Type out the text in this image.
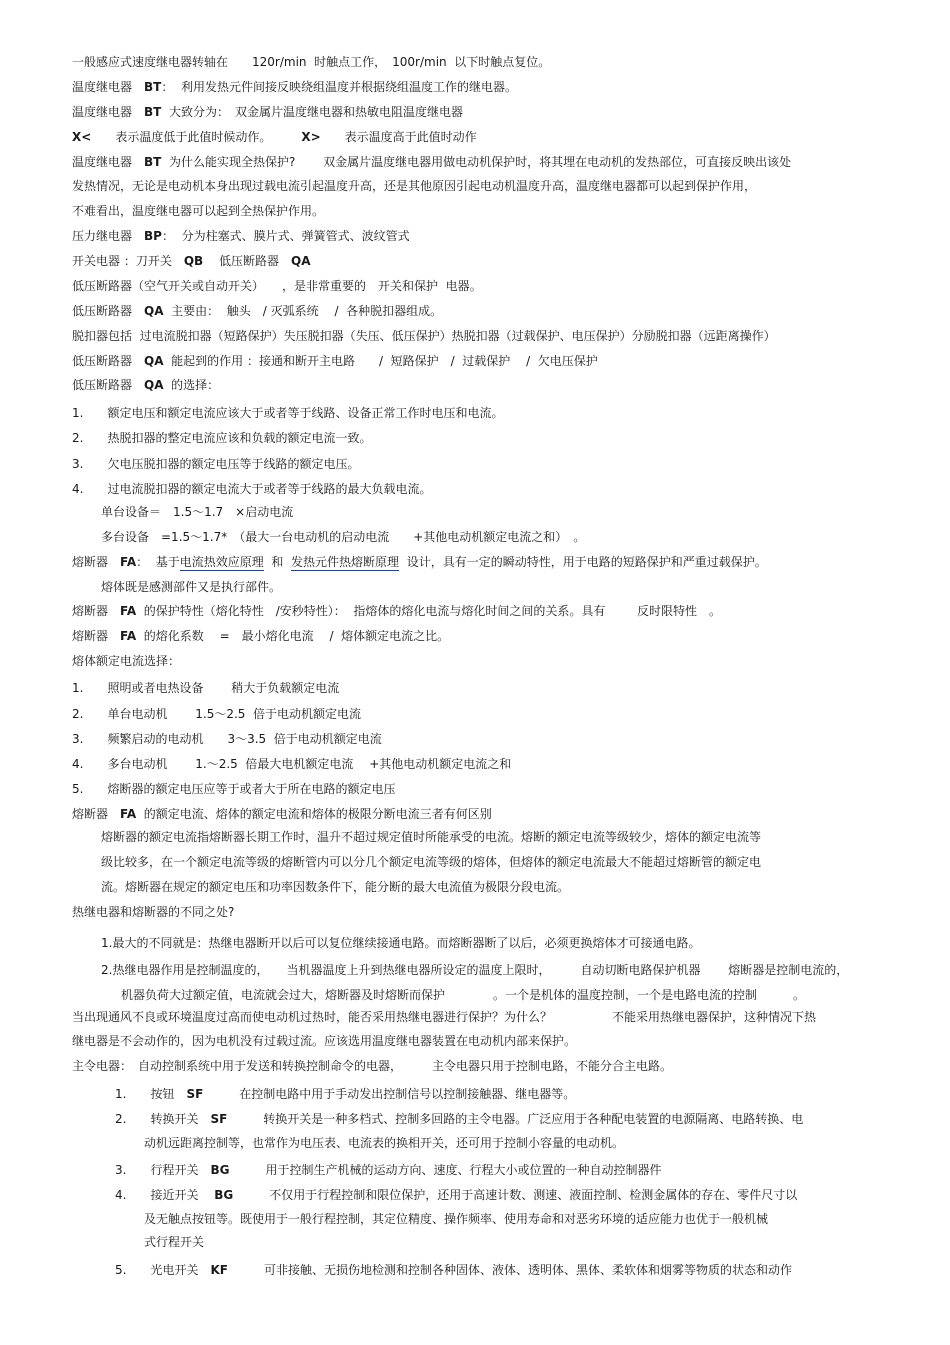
一般感应式速度继电器转轴在　　120r/min  时触点工作，　100r/min  以下时触点复位。
温度继电器　BT：  利用发热元件间接反映绕组温度并根据绕组温度工作的继电器。
温度继电器　BT  大致分为：　双金属片温度继电器和热敏电阻温度继电器
X<　　表示温度低于此值时候动作。　　　X>　　表示温度高于此值时动作
温度继电器　BT  为什么能实现全热保护?　　 双金属片温度继电器用做电动机保护时，将其埋在电动机的发热部位，可直接反映出该处
发热情况，无论是电动机本身出现过载电流引起温度升高，还是其他原因引起电动机温度升高，温度继电器都可以起到保护作用，
不难看出，温度继电器可以起到全热保护作用。
压力继电器　BP：  分为柱塞式、膜片式、弹簧管式、波纹管式
开关电器 ：刀开关　QB　 低压断路器　QA
低压断路器（空气开关或自动开关）　　，是非常重要的　开关和保护  电器。
低压断路器　QA  主要由：  触头　/ 灭弧系统　 /  各种脱扣器组成。
脱扣器包括  过电流脱扣器（短路保护）失压脱扣器（失压、低压保护）热脱扣器（过载保护、电压保护）分励脱扣器（远距离操作）
低压断路器　QA  能起到的作用 ：接通和断开主电路　　/  短路保护　/  过载保护　 /  欠电压保护
低压断路器　QA  的选择：
1.　　额定电压和额定电流应该大于或者等于线路、设备正常工作时电压和电流。
2.　　热脱扣器的整定电流应该和负载的额定电流一致。
3.　　欠电压脱扣器的额定电压等于线路的额定电压。
4.　　过电流脱扣器的额定电流大于或者等于线路的最大负载电流。
单台设备＝　1.5～1.7　×启动电流
多台设备　=1.5～1.7*　（最大一台电动机的启动电流　　+其他电动机额定电流之和）　。
熔断器　FA：  基于电流热效应原理  和  发热元件热熔断原理  设计，具有一定的瞬动特性，用于电路的短路保护和严重过载保护。
熔体既是感测部件又是执行部件。
熔断器　FA  的保护特性（熔化特性　/安秒特性）：  指熔体的熔化电流与熔化时间之间的关系。具有　　  反时限特性　。
熔断器　FA  的熔化系数　 =　最小熔化电流　 /  熔体额定电流之比。
熔体额定电流选择：
1.　　照明或者电热设备　　 稍大于负载额定电流
2.　　单台电动机　　 1.5～2.5  倍于电动机额定电流
3.　　频繁启动的电动机　　3～3.5  倍于电动机额定电流
4.　　多台电动机　　 1.～2.5  倍最大电机额定电流　 +其他电动机额定电流之和
5.　　熔断器的额定电压应等于或者大于所在电路的额定电压
熔断器　FA  的额定电流、熔体的额定电流和熔体的极限分断电流三者有何区别
熔断器的额定电流指熔断器长期工作时，温升不超过规定值时所能承受的电流。熔断的额定电流等级较少，熔体的额定电流等
级比较多，在一个额定电流等级的熔断管内可以分几个额定电流等级的熔体，但熔体的额定电流最大不能超过熔断管的额定电
流。熔断器在规定的额定电压和功率因数条件下，能分断的最大电流值为极限分段电流。
热继电器和熔断器的不同之处?
1.最大的不同就是：热继电器断开以后可以复位继续接通电路。而熔断器断了以后，必须更换熔体才可接通电路。
2.热继电器作用是控制温度的，　　当机器温度上升到热继电器所设定的温度上限时，　　　自动切断电路保护机器　　 熔断器是控制电流的，
机器负荷大过额定值，电流就会过大，熔断器及时熔断而保护　　　　。一个是机体的温度控制，一个是电路电流的控制　　　。
当出现通风不良或环境温度过高而使电动机过热时，能否采用热继电器进行保护？为什么？　　　　　不能采用热继电器保护，这种情况下热
继电器是不会动作的，因为电机没有过载过流。应该选用温度继电器装置在电动机内部来保护。
主令电器：　自动控制系统中用于发送和转换控制命令的电器，　　　主令电器只用于控制电路，不能分合主电路。
1.　　按钮　SF　　　在控制电路中用于手动发出控制信号以控制接触器、继电器等。
2.　　转换开关　SF　　　转换开关是一种多档式、控制多回路的主令电器。广泛应用于各种配电装置的电源隔离、电路转换、电
动机远距离控制等，也常作为电压表、电流表的换相开关，还可用于控制小容量的电动机。
3.　　行程开关　BG　　　用于控制生产机械的运动方向、速度、行程大小或位置的一种自动控制器件
4.　　接近开关　 BG　　　不仅用于行程控制和限位保护，还用于高速计数、测速、液面控制、检测金属体的存在、零件尺寸以
及无触点按钮等。既使用于一般行程控制，其定位精度、操作频率、使用寿命和对恶劣环境的适应能力也优于一般机械
式行程开关
5.　　光电开关　KF　　　可非接触、无损伤地检测和控制各种固体、液体、透明体、黑体、柔软体和烟雾等物质的状态和动作
